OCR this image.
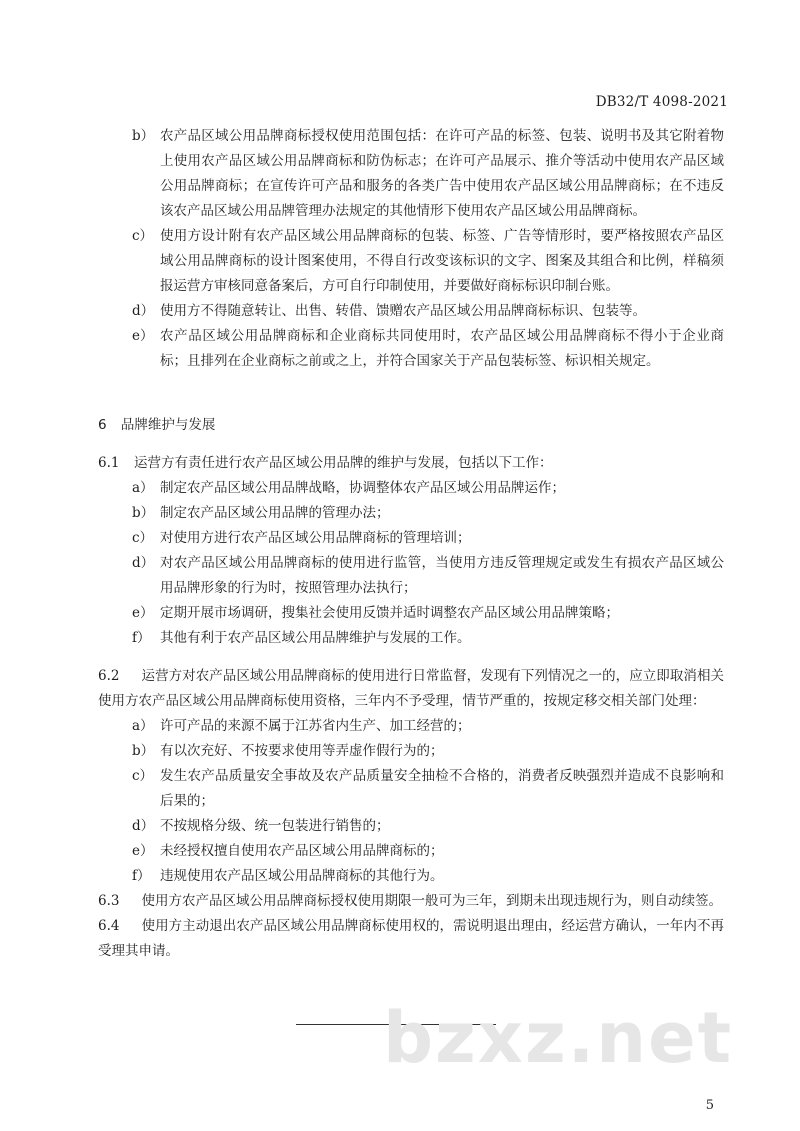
DB32/T 4098-2021
b） 农产品区域公用品牌商标授权使用范围包括：在许可产品的标签、包装、说明书及其它附着物上使用农产品区域公用品牌商标和防伪标志；在许可产品展示、推介等活动中使用农产品区域公用品牌商标；在宣传许可产品和服务的各类广告中使用农产品区域公用品牌商标；在不违反该农产品区域公用品牌管理办法规定的其他情形下使用农产品区域公用品牌商标。
c） 使用方设计附有农产品区域公用品牌商标的包装、标签、广告等情形时，要严格按照农产品区域公用品牌商标的设计图案使用，不得自行改变该标识的文字、图案及其组合和比例，样稿须报运营方审核同意备案后，方可自行印制使用，并要做好商标标识印制台账。
d） 使用方不得随意转让、出售、转借、馈赠农产品区域公用品牌商标标识、包装等。
e） 农产品区域公用品牌商标和企业商标共同使用时，农产品区域公用品牌商标不得小于企业商标；且排列在企业商标之前或之上，并符合国家关于产品包装标签、标识相关规定。
6 品牌维护与发展
6.1 运营方有责任进行农产品区域公用品牌的维护与发展，包括以下工作：
a） 制定农产品区域公用品牌战略，协调整体农产品区域公用品牌运作；
b） 制定农产品区域公用品牌的管理办法；
c） 对使用方进行农产品区域公用品牌商标的管理培训；
d） 对农产品区域公用品牌商标的使用进行监管，当使用方违反管理规定或发生有损农产品区域公用品牌形象的行为时，按照管理办法执行；
e） 定期开展市场调研，搜集社会使用反馈并适时调整农产品区域公用品牌策略；
f） 其他有利于农产品区域公用品牌维护与发展的工作。
6.2 运营方对农产品区域公用品牌商标的使用进行日常监督，发现有下列情况之一的，应立即取消相关使用方农产品区域公用品牌商标使用资格，三年内不予受理，情节严重的，按规定移交相关部门处理：
a） 许可产品的来源不属于江苏省内生产、加工经营的；
b） 有以次充好、不按要求使用等弄虚作假行为的；
c） 发生农产品质量安全事故及农产品质量安全抽检不合格的，消费者反映强烈并造成不良影响和后果的；
d） 不按规格分级、统一包装进行销售的；
e） 未经授权擅自使用农产品区域公用品牌商标的；
f） 违规使用农产品区域公用品牌商标的其他行为。
6.3 使用方农产品区域公用品牌商标授权使用期限一般可为三年，到期未出现违规行为，则自动续签。
6.4 使用方主动退出农产品区域公用品牌商标使用权的，需说明退出理由，经运营方确认，一年内不再受理其申请。
bzxz.net
5
